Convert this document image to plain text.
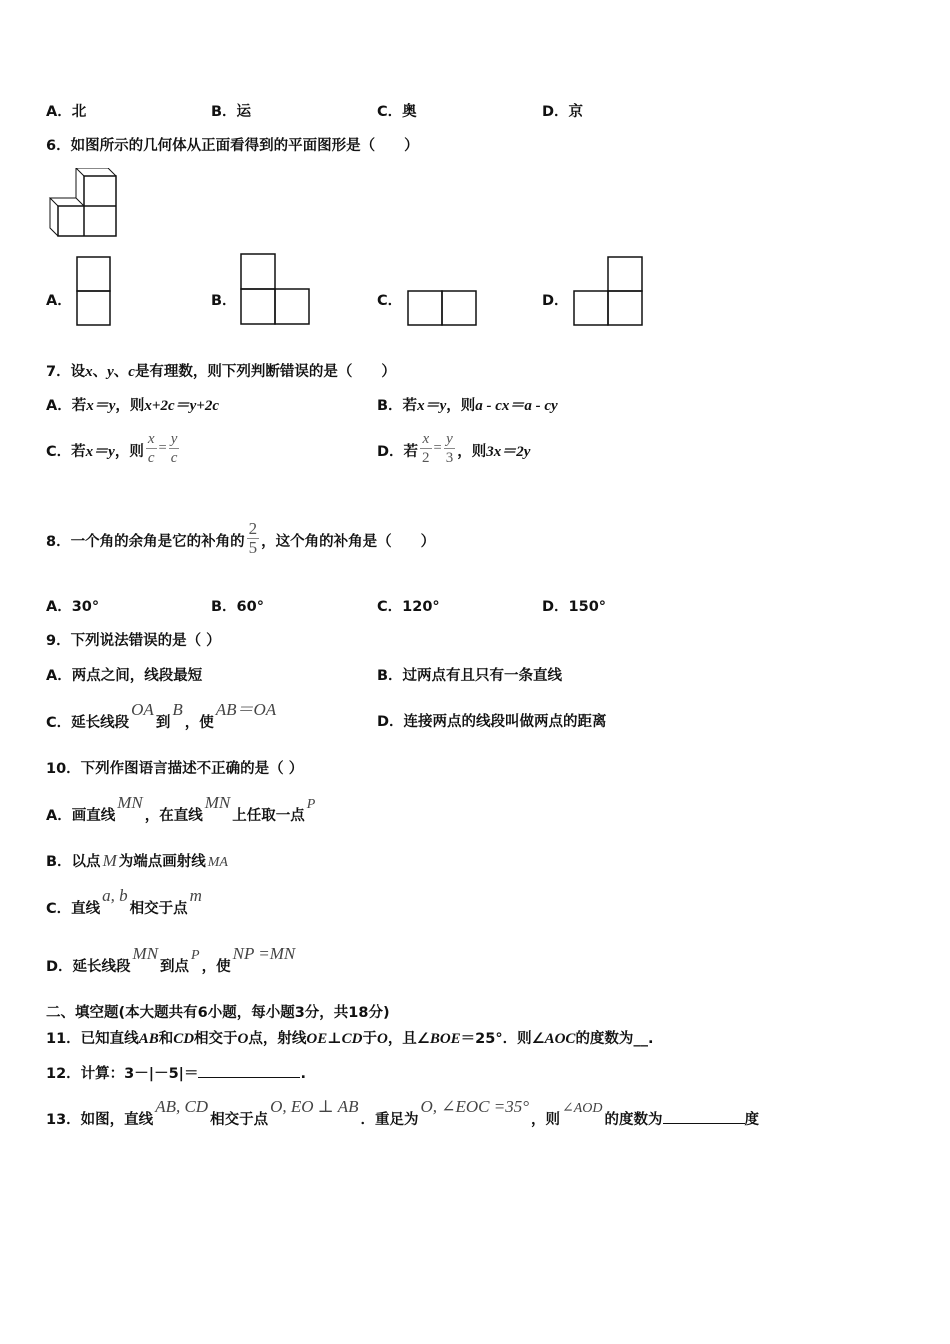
A．北	B．运	C．奥	D．京
6．如图所示的几何体从正面看得到的平面图形是（　　）
A．	B．	C．	D．
7．设x、y、c是有理数，则下列判断错误的是（　　）
A．若x＝y，则x+2c＝y+2c	B．若x＝y，则a - cx＝a - cy
C．若x＝y，则 $\frac{x}{c} = \frac{y}{c}$	D．若 $\frac{x}{2} = \frac{y}{3}$ ，则3x＝2y
8．一个角的余角是它的补角的 $\frac{2}{5}$ ，这个角的补角是（　　）
A．30°	B．60°	C．120°	D．150°
9．下列说法错误的是（ ）
A．两点之间，线段最短	B．过两点有且只有一条直线
C．延长线段OA到B，使AB＝OA
D．连接两点的线段叫做两点的距离
10．下列作图语言描述不正确的是（ ）
A．画直线MN，在直线MN上任取一点P
B．以点 M 为端点画射线 MA
C．直线a, b相交于点m
D．延长线段MN到点P，使NP =MN
二、填空题(本大题共有6小题，每小题3分，共18分)
11．已知直线AB和CD相交于O点，射线OE⊥CD于O，且∠BOE＝25°．则∠AOC的度数为__.
12．计算：3－|－5|＝	.
13．如图，直线AB, CD相交于点O, EO ⊥ AB．重足为O, ∠EOC =35°，则∠AOD的度数为	度
